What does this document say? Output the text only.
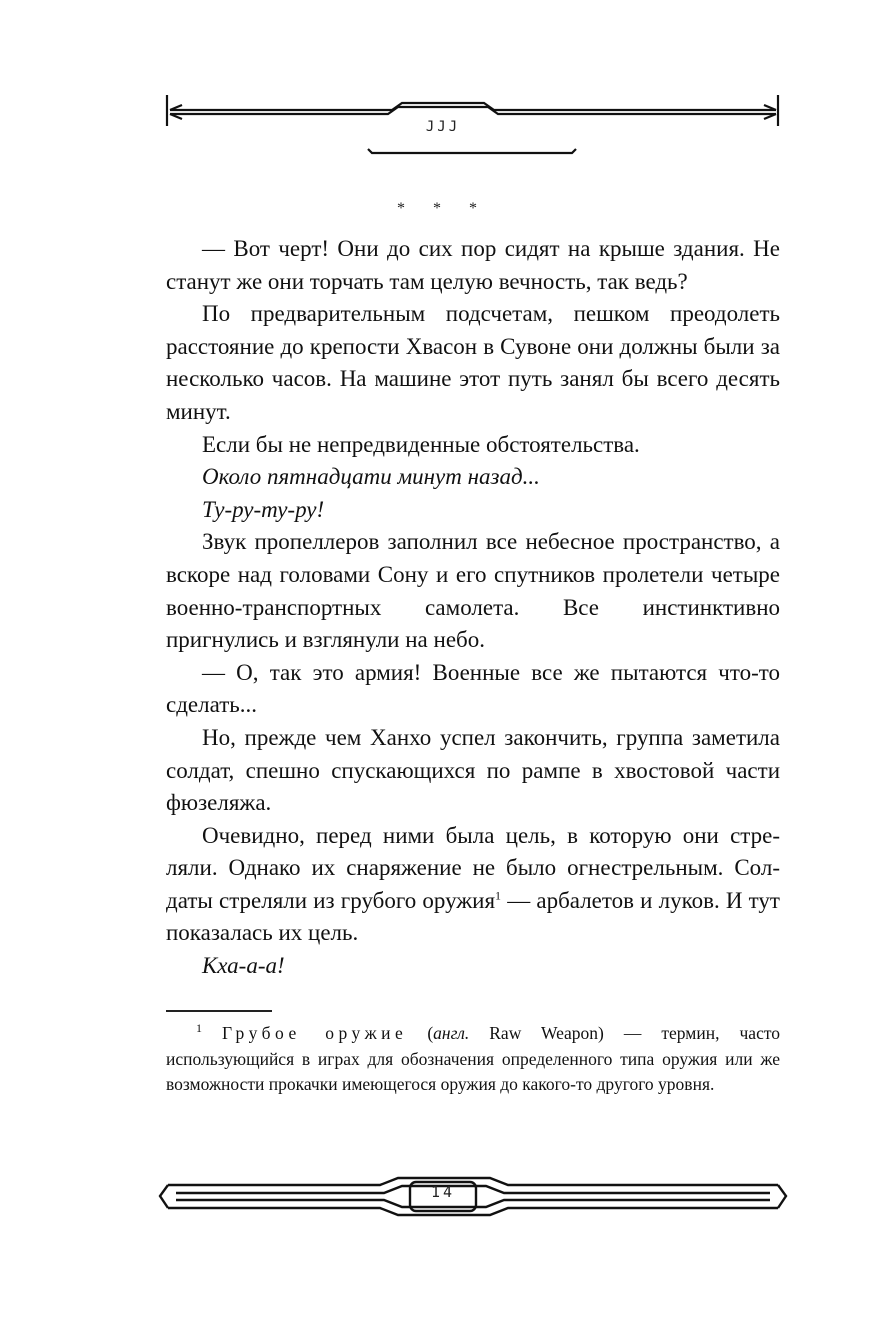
JJJ
* * *

— Вот черт! Они до сих пор сидят на крыше здания. Не станут же они торчать там целую вечность, так ведь?

По предварительным подсчетам, пешком преодолеть расстояние до крепости Хвасон в Сувоне они должны были за несколько часов. На машине этот путь занял бы всего десять минут.

Если бы не непредвиденные обстоятельства.

Около пятнадцати минут назад...

Ту-ру-ту-ру!

Звук пропеллеров заполнил все небесное пространство, а вскоре над головами Сону и его спутников пролетели четыре военно-транспортных самолета. Все инстинктивно пригнулись и взглянули на небо.

— О, так это армия! Военные все же пытаются что-то сделать...

Но, прежде чем Ханхо успел закончить, группа заметила солдат, спешно спускающихся по рампе в хвостовой части фюзеляжа.

Очевидно, перед ними была цель, в которую они стре-ляли. Однако их снаряжение не было огнестрельным. Сол-даты стреляли из грубого оружия$^1$ — арбалетов и луков. И тут показалась их цель.

Кха-а-а!

$^1$ Грубое оружие (англ. Raw Weapon) — термин, часто использующийся в играх для обозначения определенного типа оружия или же возможности прокачки имеющегося оружия до какого-то другого уровня.

14
